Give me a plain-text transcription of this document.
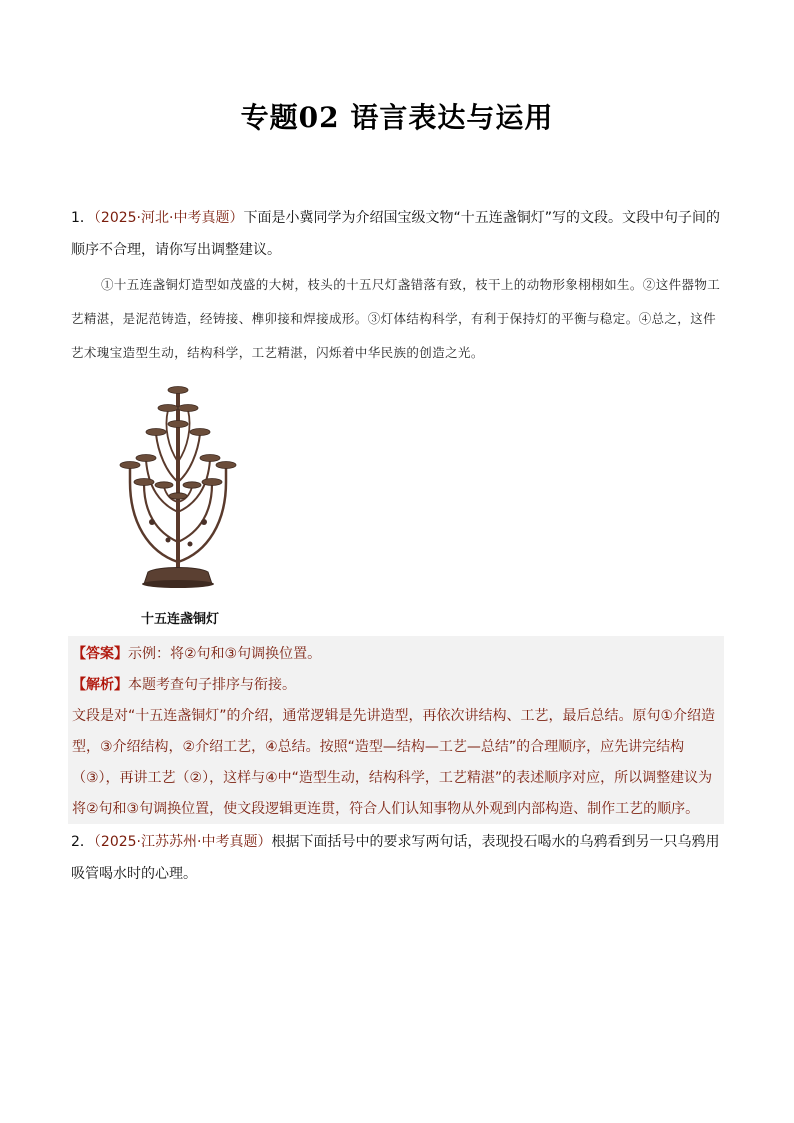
专题02 语言表达与运用
1．（2025·河北·中考真题）下面是小冀同学为介绍国宝级文物“十五连盏铜灯”写的文段。文段中句子间的顺序不合理，请你写出调整建议。
①十五连盏铜灯造型如茂盛的大树，枝头的十五尺灯盏错落有致，枝干上的动物形象栩栩如生。②这件器物工艺精湛，是泥范铸造，经铸接、榫卯接和焊接成形。③灯体结构科学，有利于保持灯的平衡与稳定。④总之，这件艺术瑰宝造型生动，结构科学，工艺精湛，闪烁着中华民族的创造之光。
十五连盏铜灯
【答案】示例：将②句和③句调换位置。
【解析】本题考查句子排序与衔接。
文段是对“十五连盏铜灯”的介绍，通常逻辑是先讲造型，再依次讲结构、工艺，最后总结。原句①介绍造型，③介绍结构，②介绍工艺，④总结。按照“造型—结构—工艺—总结”的合理顺序，应先讲完结构（③），再讲工艺（②），这样与④中“造型生动，结构科学，工艺精湛”的表述顺序对应，所以调整建议为将②句和③句调换位置，使文段逻辑更连贯，符合人们认知事物从外观到内部构造、制作工艺的顺序。
2．（2025·江苏苏州·中考真题）根据下面括号中的要求写两句话，表现投石喝水的乌鸦看到另一只乌鸦用吸管喝水时的心理。
